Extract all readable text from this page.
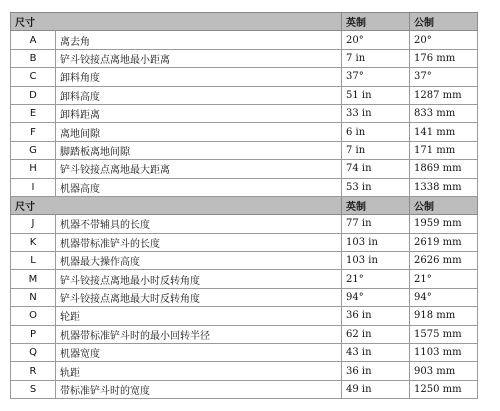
尺寸		英制	公制
A	离去角	20°	20°
B	铲斗铰接点离地最小距离	7 in	176 mm
C	卸料角度	37°	37°
D	卸料高度	51 in	1287 mm
E	卸料距离	33 in	833 mm
F	离地间隙	6 in	141 mm
G	脚踏板离地间隙	7 in	171 mm
H	铲斗铰接点离地最大距离	74 in	1869 mm
I	机器高度	53 in	1338 mm
尺寸		英制	公制
J	机器不带辅具的长度	77 in	1959 mm
K	机器带标准铲斗的长度	103 in	2619 mm
L	机器最大操作高度	103 in	2626 mm
M	铲斗铰接点离地最小时反转角度	21°	21°
N	铲斗铰接点离地最大时反转角度	94°	94°
O	轮距	36 in	918 mm
P	机器带标准铲斗时的最小回转半径	62 in	1575 mm
Q	机器宽度	43 in	1103 mm
R	轨距	36 in	903 mm
S	带标准铲斗时的宽度	49 in	1250 mm
